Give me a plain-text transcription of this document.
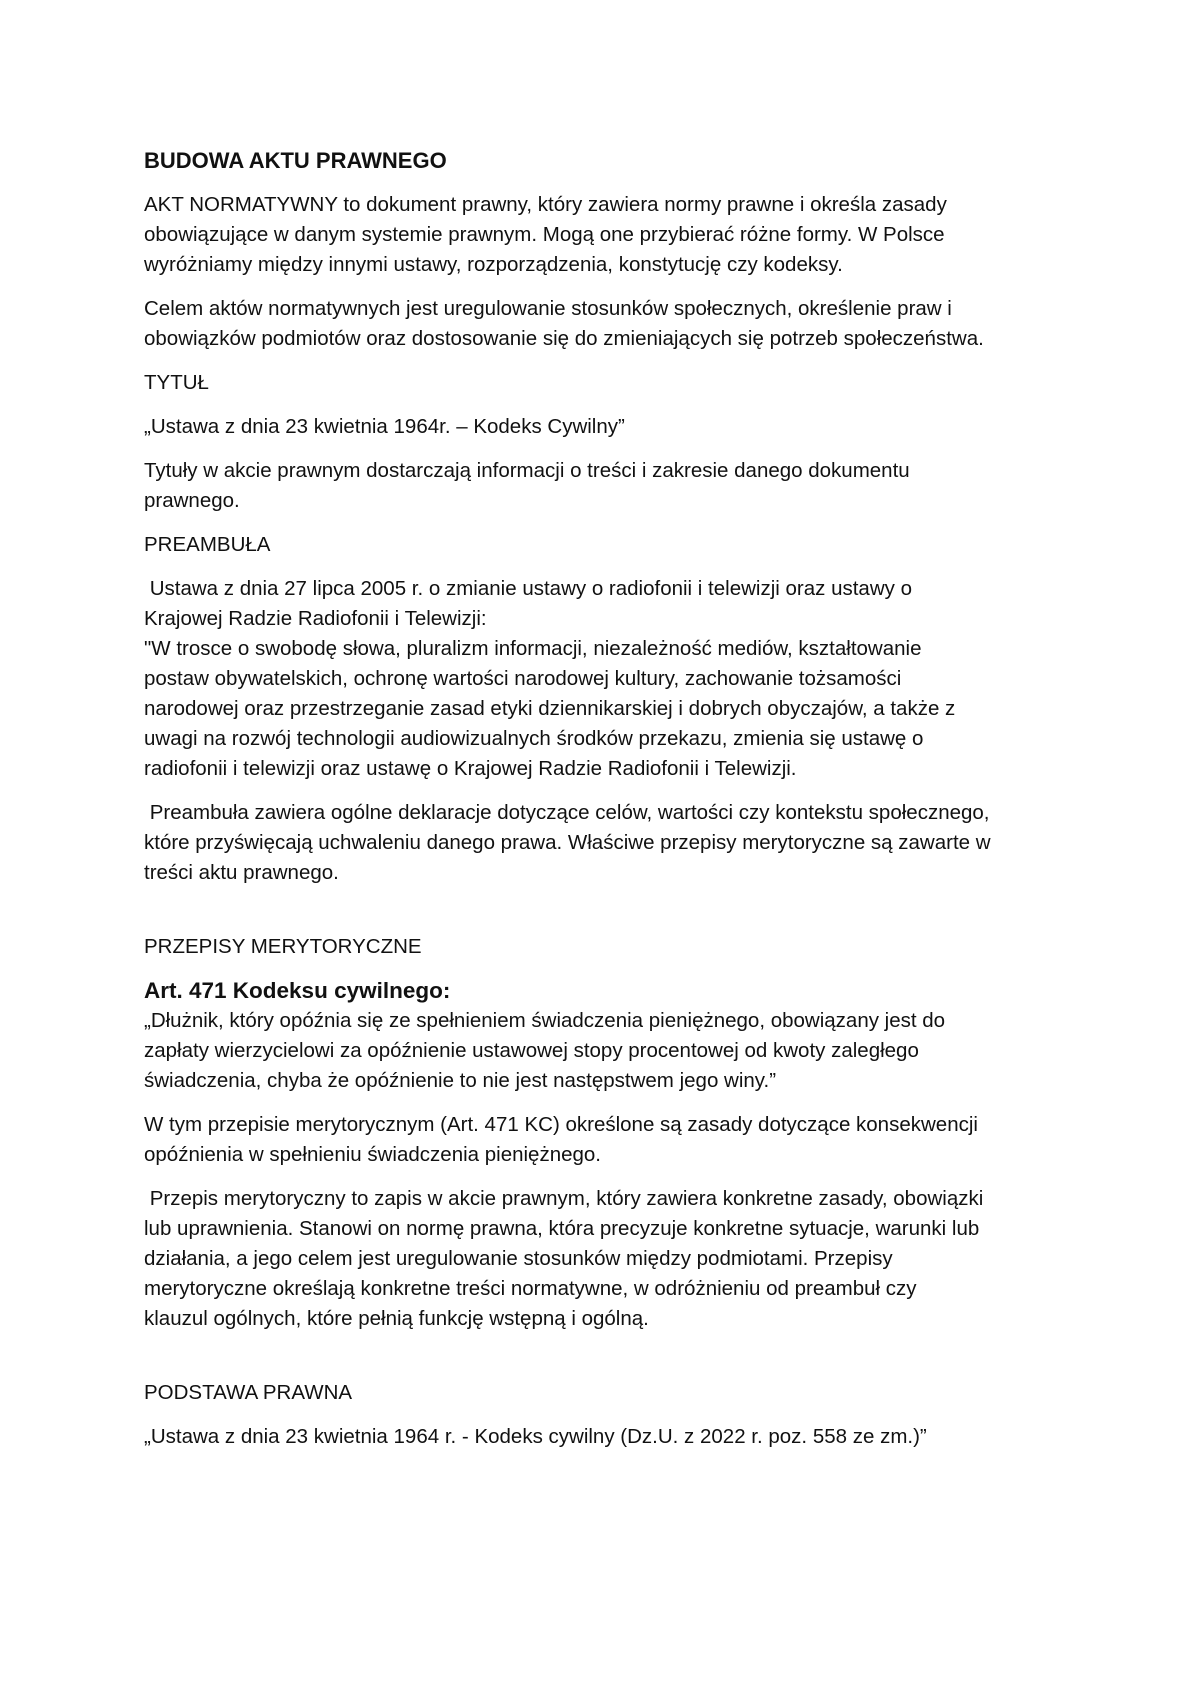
BUDOWA AKTU PRAWNEGO

AKT NORMATYWNY to dokument prawny, który zawiera normy prawne i określa zasady
obowiązujące w danym systemie prawnym. Mogą one przybierać różne formy. W Polsce
wyróżniamy między innymi ustawy, rozporządzenia, konstytucję czy kodeksy.

Celem aktów normatywnych jest uregulowanie stosunków społecznych, określenie praw i
obowiązków podmiotów oraz dostosowanie się do zmieniających się potrzeb społeczeństwa.

TYTUŁ

„Ustawa z dnia 23 kwietnia 1964r. – Kodeks Cywilny”

Tytuły w akcie prawnym dostarczają informacji o treści i zakresie danego dokumentu
prawnego.

PREAMBUŁA

Ustawa z dnia 27 lipca 2005 r. o zmianie ustawy o radiofonii i telewizji oraz ustawy o
Krajowej Radzie Radiofonii i Telewizji:
"W trosce o swobodę słowa, pluralizm informacji, niezależność mediów, kształtowanie
postaw obywatelskich, ochronę wartości narodowej kultury, zachowanie tożsamości
narodowej oraz przestrzeganie zasad etyki dziennikarskiej i dobrych obyczajów, a także z
uwagi na rozwój technologii audiowizualnych środków przekazu, zmienia się ustawę o
radiofonii i telewizji oraz ustawę o Krajowej Radzie Radiofonii i Telewizji.

Preambuła zawiera ogólne deklaracje dotyczące celów, wartości czy kontekstu społecznego,
które przyświęcają uchwaleniu danego prawa. Właściwe przepisy merytoryczne są zawarte w
treści aktu prawnego.

PRZEPISY MERYTORYCZNE

Art. 471 Kodeksu cywilnego:

„Dłużnik, który opóźnia się ze spełnieniem świadczenia pieniężnego, obowiązany jest do
zapłaty wierzycielowi za opóźnienie ustawowej stopy procentowej od kwoty zaległego
świadczenia, chyba że opóźnienie to nie jest następstwem jego winy.”

W tym przepisie merytorycznym (Art. 471 KC) określone są zasady dotyczące konsekwencji
opóźnienia w spełnieniu świadczenia pieniężnego.

Przepis merytoryczny to zapis w akcie prawnym, który zawiera konkretne zasady, obowiązki
lub uprawnienia. Stanowi on normę prawna, która precyzuje konkretne sytuacje, warunki lub
działania, a jego celem jest uregulowanie stosunków między podmiotami. Przepisy
merytoryczne określają konkretne treści normatywne, w odróżnieniu od preambuł czy
klauzul ogólnych, które pełnią funkcję wstępną i ogólną.

PODSTAWA PRAWNA

„Ustawa z dnia 23 kwietnia 1964 r. - Kodeks cywilny (Dz.U. z 2022 r. poz. 558 ze zm.)”
